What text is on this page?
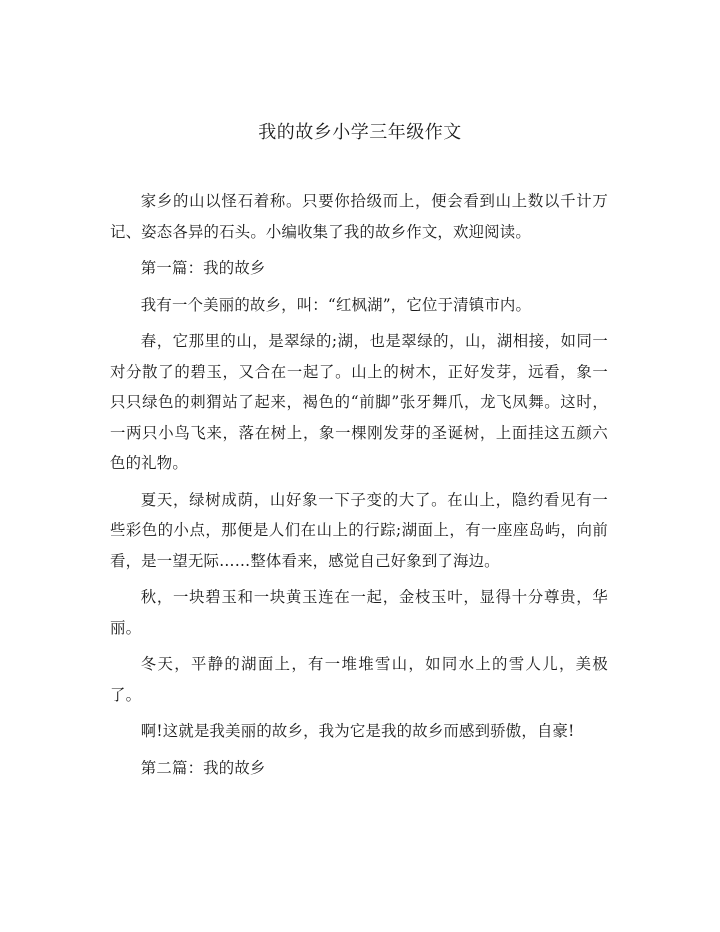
我的故乡小学三年级作文

家乡的山以怪石着称。只要你拾级而上，便会看到山上数以千计万记、姿态各异的石头。小编收集了我的故乡作文，欢迎阅读。

第一篇：我的故乡

我有一个美丽的故乡，叫：“红枫湖”，它位于清镇市内。

春，它那里的山，是翠绿的;湖，也是翠绿的，山，湖相接，如同一对分散了的碧玉，又合在一起了。山上的树木，正好发芽，远看，象一只只绿色的刺猬站了起来，褐色的“前脚”张牙舞爪，龙飞凤舞。这时，一两只小鸟飞来，落在树上，象一棵刚发芽的圣诞树，上面挂这五颜六色的礼物。

夏天，绿树成荫，山好象一下子变的大了。在山上，隐约看见有一些彩色的小点，那便是人们在山上的行踪;湖面上，有一座座岛屿，向前看，是一望无际……整体看来，感觉自己好象到了海边。

秋，一块碧玉和一块黄玉连在一起，金枝玉叶，显得十分尊贵，华丽。

冬天，平静的湖面上，有一堆堆雪山，如同水上的雪人儿，美极了。

啊!这就是我美丽的故乡，我为它是我的故乡而感到骄傲，自豪!

第二篇：我的故乡
